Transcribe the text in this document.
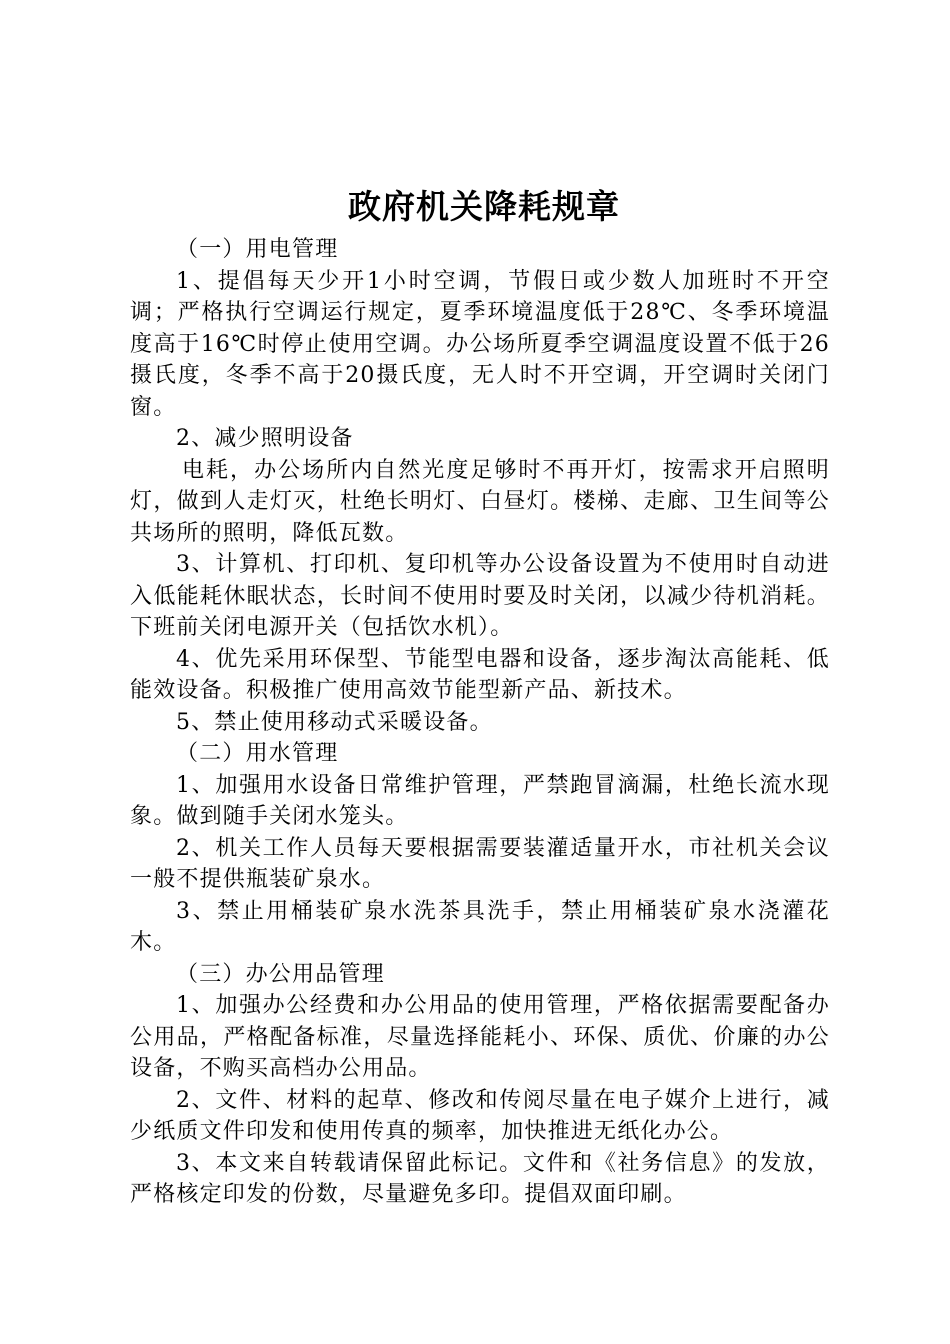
政府机关降耗规章
（一）用电管理

1、提倡每天少开1小时空调，节假日或少数人加班时不开空调；严格执行空调运行规定，夏季环境温度低于28℃、冬季环境温度高于16℃时停止使用空调。办公场所夏季空调温度设置不低于26摄氏度，冬季不高于20摄氏度，无人时不开空调，开空调时关闭门窗。

2、减少照明设备

电耗，办公场所内自然光度足够时不再开灯，按需求开启照明灯，做到人走灯灭，杜绝长明灯、白昼灯。楼梯、走廊、卫生间等公共场所的照明，降低瓦数。

3、计算机、打印机、复印机等办公设备设置为不使用时自动进入低能耗休眠状态，长时间不使用时要及时关闭，以减少待机消耗。下班前关闭电源开关（包括饮水机）。

4、优先采用环保型、节能型电器和设备，逐步淘汰高能耗、低能效设备。积极推广使用高效节能型新产品、新技术。

5、禁止使用移动式采暖设备。

（二）用水管理

1、加强用水设备日常维护管理，严禁跑冒滴漏，杜绝长流水现象。做到随手关闭水笼头。

2、机关工作人员每天要根据需要装灌适量开水，市社机关会议一般不提供瓶装矿泉水。

3、禁止用桶装矿泉水洗茶具洗手，禁止用桶装矿泉水浇灌花木。

（三）办公用品管理

1、加强办公经费和办公用品的使用管理，严格依据需要配备办公用品，严格配备标准，尽量选择能耗小、环保、质优、价廉的办公设备，不购买高档办公用品。

2、文件、材料的起草、修改和传阅尽量在电子媒介上进行，减少纸质文件印发和使用传真的频率，加快推进无纸化办公。

3、本文来自转载请保留此标记。文件和《社务信息》的发放，严格核定印发的份数，尽量避免多印。提倡双面印刷。
